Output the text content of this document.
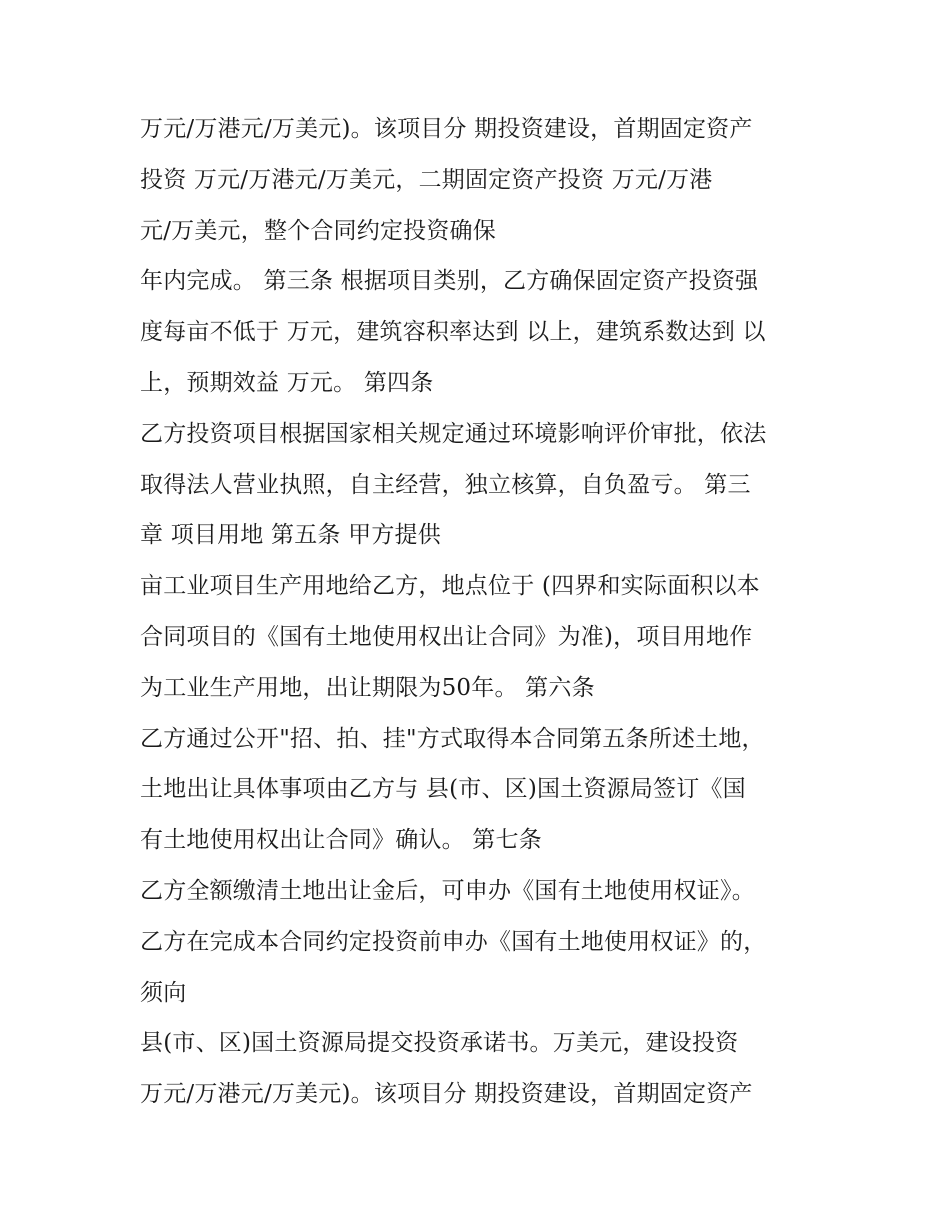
万元/万港元/万美元)。该项目分 期投资建设，首期固定资产
投资 万元/万港元/万美元，二期固定资产投资 万元/万港
元/万美元，整个合同约定投资确保
年内完成。 第三条 根据项目类别，乙方确保固定资产投资强
度每亩不低于 万元，建筑容积率达到 以上，建筑系数达到 以
上，预期效益 万元。 第四条
乙方投资项目根据国家相关规定通过环境影响评价审批，依法
取得法人营业执照，自主经营，独立核算，自负盈亏。 第三
章 项目用地 第五条 甲方提供
亩工业项目生产用地给乙方，地点位于 (四界和实际面积以本
合同项目的《国有土地使用权出让合同》为准)，项目用地作
为工业生产用地，出让期限为50年。 第六条
乙方通过公开"招、拍、挂"方式取得本合同第五条所述土地，
土地出让具体事项由乙方与 县(市、区)国土资源局签订《国
有土地使用权出让合同》确认。 第七条
乙方全额缴清土地出让金后，可申办《国有土地使用权证》。
乙方在完成本合同约定投资前申办《国有土地使用权证》的，
须向
县(市、区)国土资源局提交投资承诺书。万美元，建设投资
万元/万港元/万美元)。该项目分 期投资建设，首期固定资产
